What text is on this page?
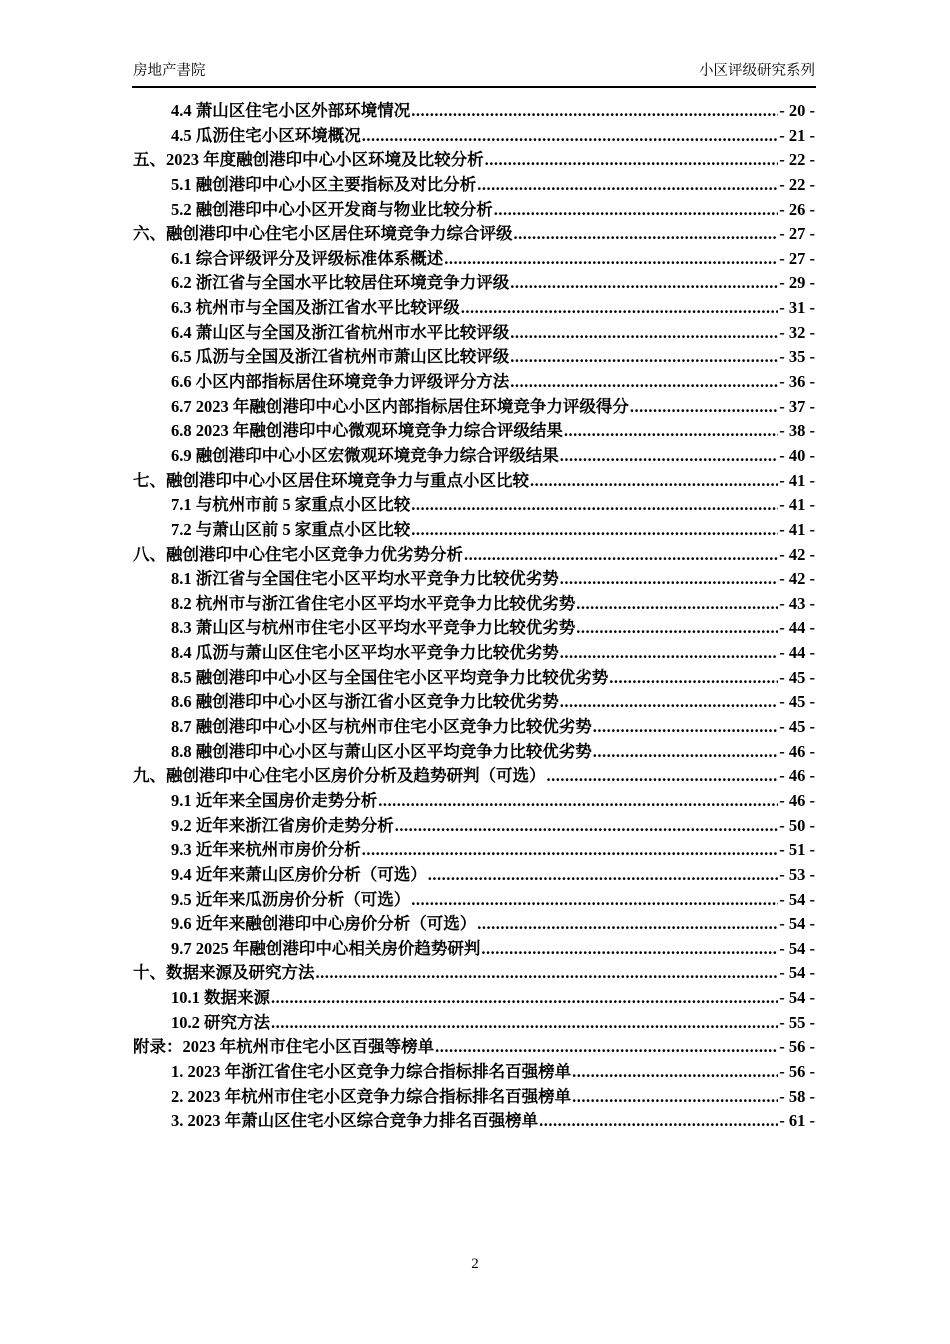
房地产書院	小区评级研究系列
4.4 萧山区住宅小区外部环境情况 .....	- 20 -
4.5 瓜沥住宅小区环境概况 .....	- 21 -
五、2023 年度融创港印中心小区环境及比较分析 .....	- 22 -
5.1 融创港印中心小区主要指标及对比分析 .....	- 22 -
5.2 融创港印中心小区开发商与物业比较分析 .....	- 26 -
六、融创港印中心住宅小区居住环境竞争力综合评级 .....	- 27 -
6.1 综合评级评分及评级标准体系概述 .....	- 27 -
6.2 浙江省与全国水平比较居住环境竞争力评级 .....	- 29 -
6.3 杭州市与全国及浙江省水平比较评级 .....	- 31 -
6.4 萧山区与全国及浙江省杭州市水平比较评级 .....	- 32 -
6.5 瓜沥与全国及浙江省杭州市萧山区比较评级 .....	- 35 -
6.6 小区内部指标居住环境竞争力评级评分方法 .....	- 36 -
6.7 2023 年融创港印中心小区内部指标居住环境竞争力评级得分 .....	- 37 -
6.8 2023 年融创港印中心微观环境竞争力综合评级结果 .....	- 38 -
6.9 融创港印中心小区宏微观环境竞争力综合评级结果 .....	- 40 -
七、融创港印中心小区居住环境竞争力与重点小区比较 .....	- 41 -
7.1 与杭州市前 5 家重点小区比较 .....	- 41 -
7.2 与萧山区前 5 家重点小区比较 .....	- 41 -
八、融创港印中心住宅小区竞争力优劣势分析 .....	- 42 -
8.1 浙江省与全国住宅小区平均水平竞争力比较优劣势 .....	- 42 -
8.2 杭州市与浙江省住宅小区平均水平竞争力比较优劣势 .....	- 43 -
8.3 萧山区与杭州市住宅小区平均水平竞争力比较优劣势 .....	- 44 -
8.4 瓜沥与萧山区住宅小区平均水平竞争力比较优劣势 .....	- 44 -
8.5 融创港印中心小区与全国住宅小区平均竞争力比较优劣势 .....	- 45 -
8.6 融创港印中心小区与浙江省小区竞争力比较优劣势 .....	- 45 -
8.7 融创港印中心小区与杭州市住宅小区竞争力比较优劣势 .....	- 45 -
8.8 融创港印中心小区与萧山区小区平均竞争力比较优劣势 .....	- 46 -
九、融创港印中心住宅小区房价分析及趋势研判（可选） .....	- 46 -
9.1 近年来全国房价走势分析 .....	- 46 -
9.2 近年来浙江省房价走势分析 .....	- 50 -
9.3 近年来杭州市房价分析 .....	- 51 -
9.4 近年来萧山区房价分析（可选） .....	- 53 -
9.5 近年来瓜沥房价分析（可选） .....	- 54 -
9.6 近年来融创港印中心房价分析（可选） .....	- 54 -
9.7 2025 年融创港印中心相关房价趋势研判 .....	- 54 -
十、数据来源及研究方法 .....	- 54 -
10.1 数据来源 .....	- 54 -
10.2 研究方法 .....	- 55 -
附录：2023 年杭州市住宅小区百强等榜单 .....	- 56 -
1. 2023 年浙江省住宅小区竞争力综合指标排名百强榜单 .....	- 56 -
2. 2023 年杭州市住宅小区竞争力综合指标排名百强榜单 .....	- 58 -
3. 2023 年萧山区住宅小区综合竞争力排名百强榜单 .....	- 61 -
2
